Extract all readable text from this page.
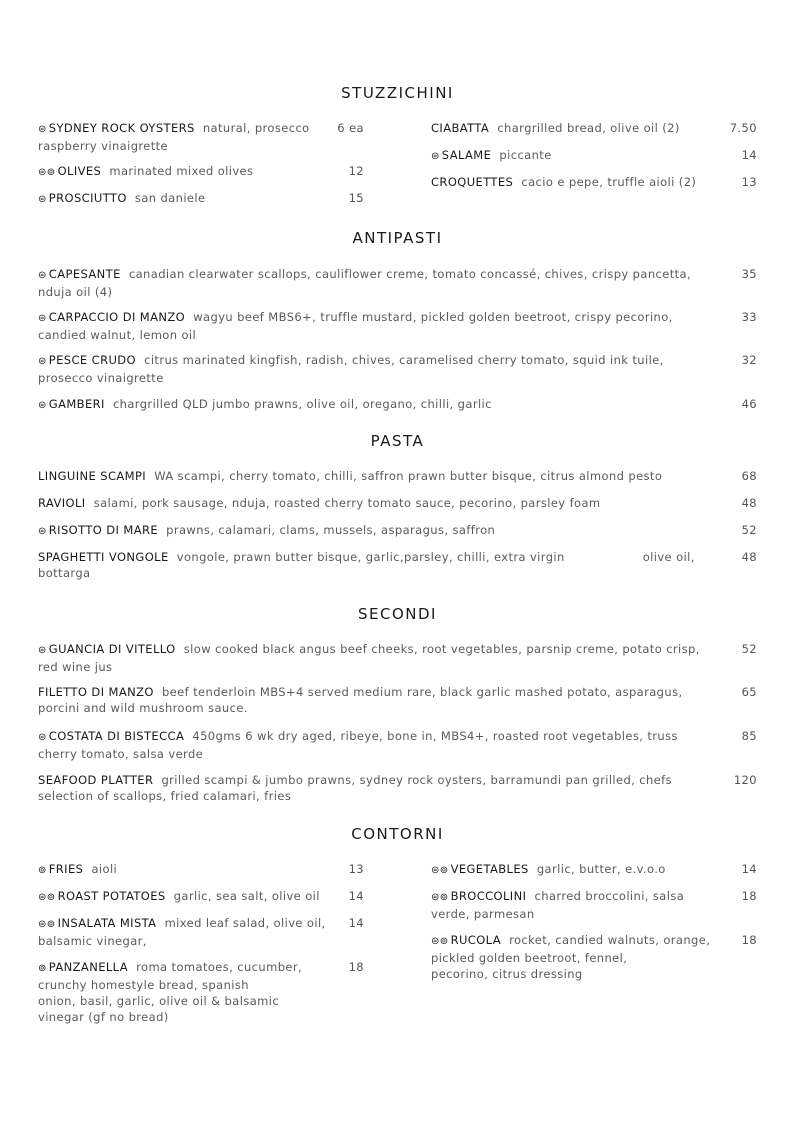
STUZZICHINI
⊜ SYDNEY ROCK OYSTERS natural, prosecco	6 ea
raspberry vinaigrette
⊜⊚ OLIVES marinated mixed olives	12
⊜ PROSCIUTTO san daniele	15
CIABATTA chargrilled bread, olive oil (2)	7.50
⊜ SALAME piccante	14
CROQUETTES cacio e pepe, truffle aioli (2)	13
ANTIPASTI
⊜ CAPESANTE canadian clearwater scallops, cauliflower creme, tomato concassé, chives, crispy pancetta,	35
nduja oil (4)
⊜ CARPACCIO DI MANZO wagyu beef MBS6+, truffle mustard, pickled golden beetroot, crispy pecorino,	33
candied walnut, lemon oil
⊜ PESCE CRUDO citrus marinated kingfish, radish, chives, caramelised cherry tomato, squid ink tuile,	32
prosecco vinaigrette
⊜ GAMBERI chargrilled QLD jumbo prawns, olive oil, oregano, chilli, garlic	46
PASTA
LINGUINE SCAMPI WA scampi, cherry tomato, chilli, saffron prawn butter bisque, citrus almond pesto	68
RAVIOLI salami, pork sausage, nduja, roasted cherry tomato sauce, pecorino, parsley foam	48
⊜ RISOTTO DI MARE prawns, calamari, clams, mussels, asparagus, saffron	52
SPAGHETTI VONGOLE vongole, prawn butter bisque, garlic,parsley, chilli, extra virgin	olive oil,	48
bottarga
SECONDI
⊜ GUANCIA DI VITELLO slow cooked black angus beef cheeks, root vegetables, parsnip creme, potato crisp,	52
red wine jus
FILETTO DI MANZO beef tenderloin MBS+4 served medium rare, black garlic mashed potato, asparagus,	65
porcini and wild mushroom sauce.
⊜ COSTATA DI BISTECCA 450gms 6 wk dry aged, ribeye, bone in, MBS4+, roasted root vegetables, truss	85
cherry tomato, salsa verde
SEAFOOD PLATTER grilled scampi & jumbo prawns, sydney rock oysters, barramundi pan grilled, chefs	120
selection of scallops, fried calamari, fries
CONTORNI
⊚ FRIES aioli	13
⊜⊚ ROAST POTATOES garlic, sea salt, olive oil	14
⊜⊚ INSALATA MISTA mixed leaf salad, olive oil,	14
balsamic vinegar,
⊚ PANZANELLA roma tomatoes, cucumber,	18
crunchy homestyle bread, spanish
onion, basil, garlic, olive oil & balsamic
vinegar (gf no bread)
⊜⊚ VEGETABLES garlic, butter, e.v.o.o	14
⊜⊚ BROCCOLINI charred broccolini, salsa	18
verde, parmesan
⊜⊚ RUCOLA rocket, candied walnuts, orange,	18
pickled golden beetroot, fennel,
pecorino, citrus dressing
